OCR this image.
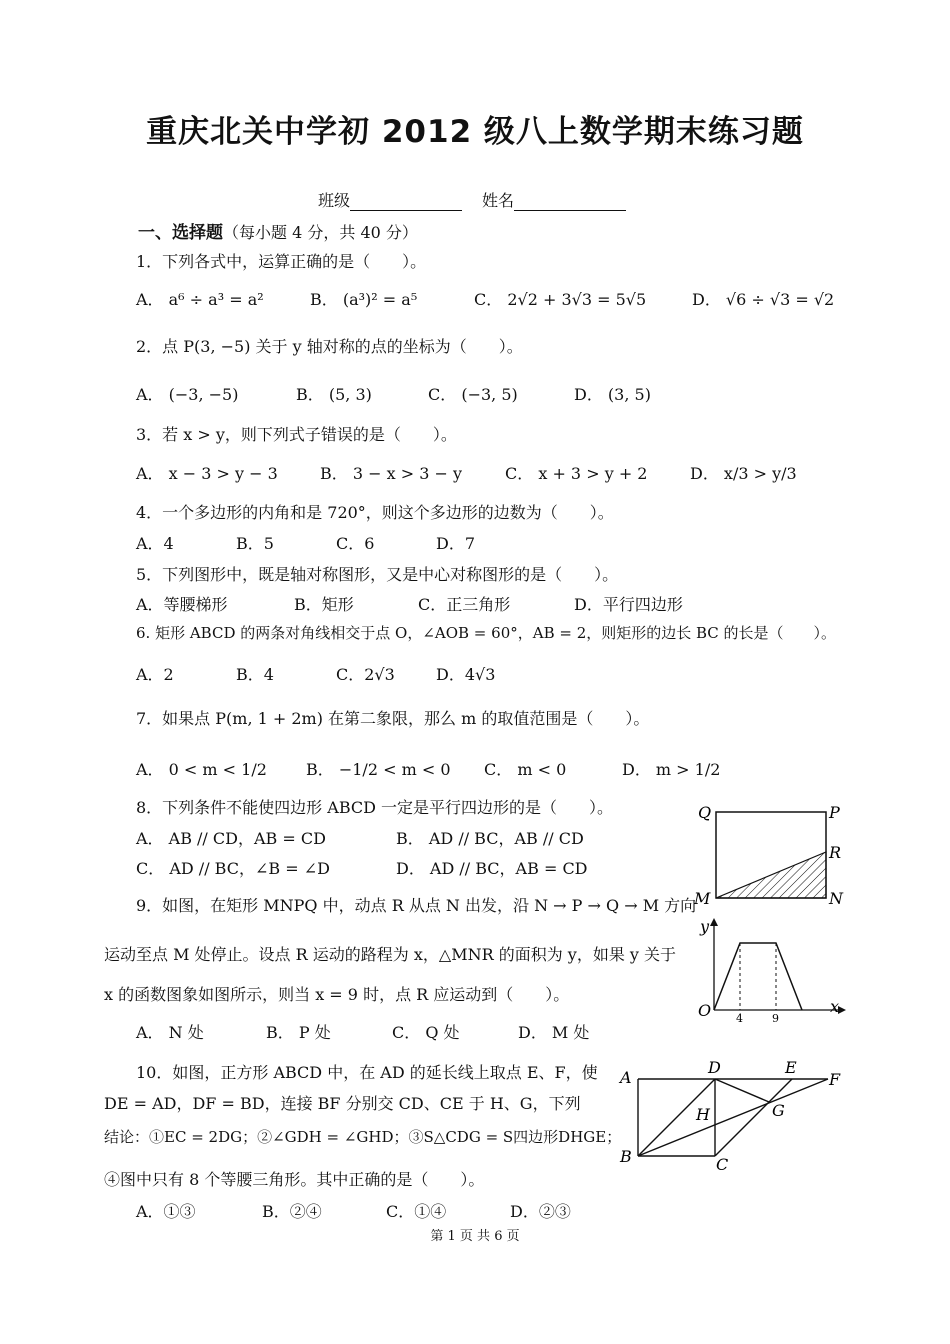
重庆北关中学初 2012 级八上数学期末练习题
班级	姓名
一、选择题（每小题 4 分，共 40 分）
1．下列各式中，运算正确的是（　　）。
A． a⁶ ÷ a³ = a²	B． (a³)² = a⁵	C． 2√2 + 3√3 = 5√5	D． √6 ÷ √3 = √2
2．点 P(3, −5) 关于 y 轴对称的点的坐标为（　　）。
A． (−3, −5)	B． (5, 3)	C． (−3, 5)	D． (3, 5)
3．若 x > y，则下列式子错误的是（　　）。
A． x − 3 > y − 3	B． 3 − x > 3 − y	C． x + 3 > y + 2	D． x/3 > y/3
4．一个多边形的内角和是 720°，则这个多边形的边数为（　　）。
A．4	B．5	C．6	D．7
5．下列图形中，既是轴对称图形，又是中心对称图形的是（　　）。
A．等腰梯形	B．矩形	C．正三角形	D．平行四边形
6. 矩形 ABCD 的两条对角线相交于点 O，∠AOB = 60°，AB = 2，则矩形的边长 BC 的长是（　　）。
A．2	B．4	C．2√3	D．4√3
7．如果点 P(m, 1 + 2m) 在第二象限，那么 m 的取值范围是（　　）。
A． 0 < m < 1/2 B． −1/2 < m < 0 C． m < 0	D． m > 1/2
8．下列条件不能使四边形 ABCD 一定是平行四边形的是（　　）。
A． AB // CD，AB = CD	B． AD // BC，AB // CD
C． AD // BC，∠B = ∠D	D． AD // BC，AB = CD
9．如图，在矩形 MNPQ 中，动点 R 从点 N 出发，沿 N → P → Q → M 方向
运动至点 M 处停止。设点 R 运动的路程为 x，△MNR 的面积为 y，如果 y 关于
x 的函数图象如图所示，则当 x = 9 时，点 R 应运动到（　　）。
A． N 处	B． P 处	C． Q 处	D． M 处
10．如图，正方形 ABCD 中，在 AD 的延长线上取点 E、F，使
DE = AD，DF = BD，连接 BF 分别交 CD、CE 于 H、G，下列
结论：①EC = 2DG；②∠GDH = ∠GHD；③S△CDG = S四边形DHGE；
④图中只有 8 个等腰三角形。其中正确的是（　　）。
A．①③	B．②④	C．①④	D．②③
Q	P
R
M	N
y
x
O 4	9
A
D	E
F
H	G
B	C
第 1 页 共 6 页
